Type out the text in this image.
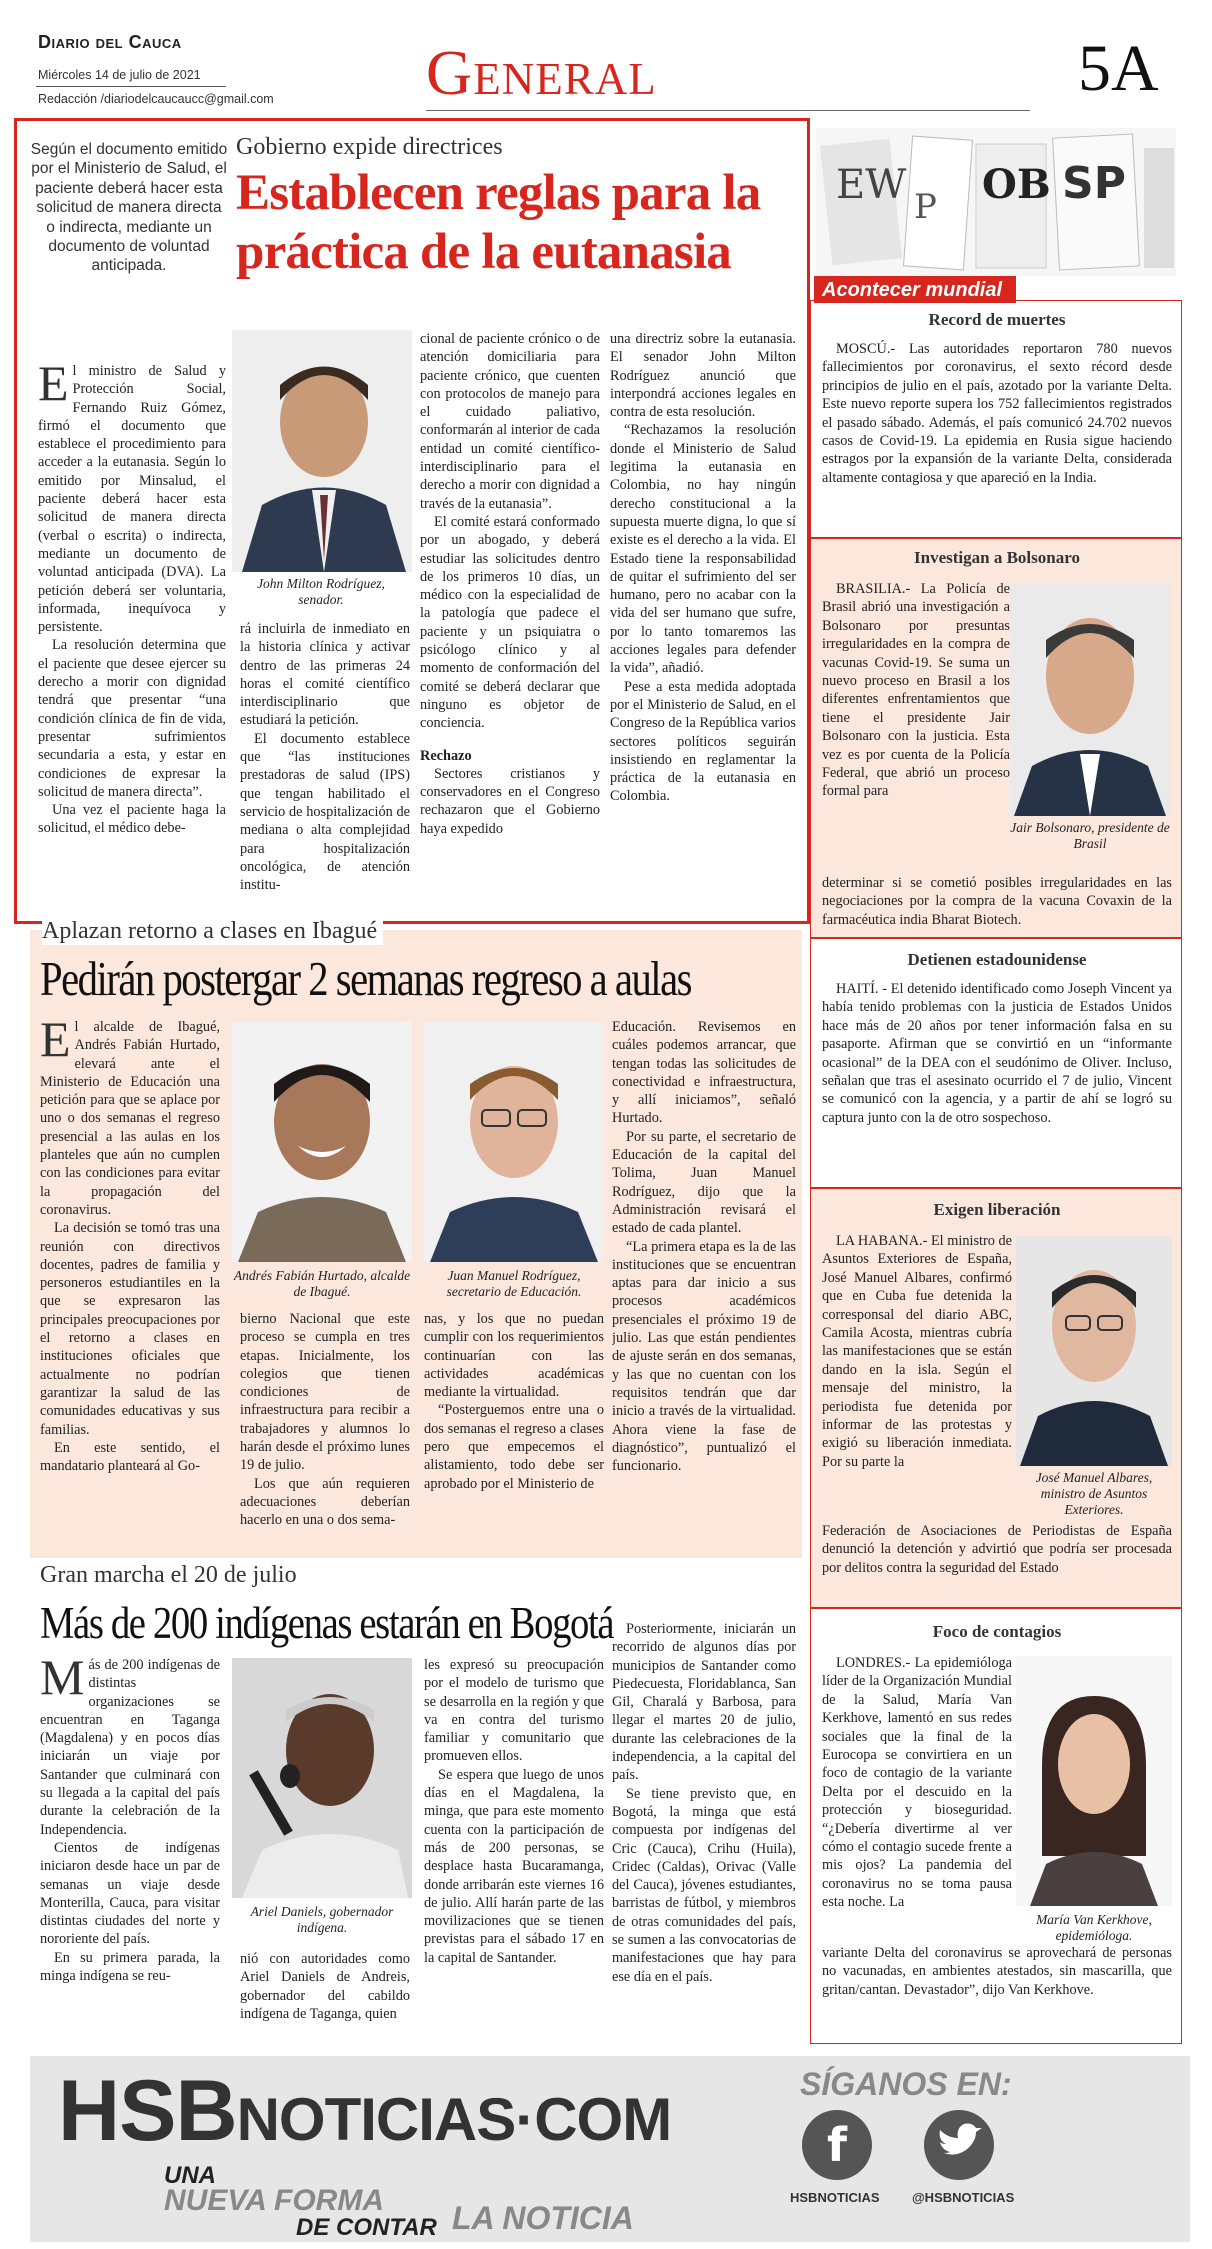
Diario del Cauca
Miércoles 14 de julio de 2021
Redacción /diariodelcaucaucc@gmail.com General	5A
Según el documento emitido por el Ministerio de Salud, el paciente deberá hacer esta solicitud de manera directa o indirecta, mediante un documento de voluntad anticipada.
Gobierno expide directrices
Establecen reglas para la práctica de la eutanasia
E l ministro de Salud y Protección Social, Fernando Ruiz Gómez, firmó el documento que establece el procedimiento para acceder a la eutanasia. Según lo emitido por Minsalud, el paciente deberá hacer esta solicitud de manera directa (verbal o escrita) o indirecta, mediante un documento de voluntad anticipada (DVA). La petición deberá ser voluntaria, informada, inequívoca y persistente.

La resolución determina que el paciente que desee ejercer su derecho a morir con dignidad tendrá que presentar “una condición clínica de fin de vida, presentar sufrimientos secundaria a esta, y estar en condiciones de expresar la solicitud de manera directa”.

Una vez el paciente haga la solicitud, el médico debe-

John Milton Rodríguez, senador.

rá incluirla de inmediato en la historia clínica y activar dentro de las primeras 24 horas el comité científico interdisciplinario que estudiará la petición.

El documento establece que “las instituciones prestadoras de salud (IPS) que tengan habilitado el servicio de hospitalización de mediana o alta complejidad para hospitalización oncológica, de atención institu-

cional de paciente crónico o de atención domiciliaria para paciente crónico, que cuenten con protocolos de manejo para el cuidado paliativo, conformarán al interior de cada entidad un comité científico- interdisciplinario para el derecho a morir con dignidad a través de la eutanasia”.

El comité estará conformado por un abogado, y deberá estudiar las solicitudes dentro de los primeros 10 días, un médico con la especialidad de la patología que padece el paciente y un psiquiatra o psicólogo clínico y al momento de conformación del comité se deberá declarar que ninguno es objetor de conciencia.

Rechazo

Sectores cristianos y conservadores en el Congreso rechazaron que el Gobierno haya expedido

una directriz sobre la eutanasia. El senador John Milton Rodríguez anunció que interpondrá acciones legales en contra de esta resolución.

“Rechazamos la resolución donde el Ministerio de Salud legitima la eutanasia en Colombia, no hay ningún derecho constitucional a la supuesta muerte digna, lo que sí existe es el derecho a la vida. El Estado tiene la responsabilidad de quitar el sufrimiento del ser humano, pero no acabar con la vida del ser humano que sufre, por lo tanto tomaremos las acciones legales para defender la vida”, añadió.

Pese a esta medida adoptada por el Ministerio de Salud, en el Congreso de la República varios sectores políticos seguirán insistiendo en reglamentar la práctica de la eutanasia en Colombia.

Aplazan retorno a clases en Ibagué
Pedirán postergar 2 semanas regreso a aulas
E l alcalde de Ibagué, Andrés Fabián Hurtado, elevará ante el Ministerio de Educación una petición para que se aplace por uno o dos semanas el regreso presencial a las aulas en los planteles que aún no cumplen con las condiciones para evitar la propagación del coronavirus.

La decisión se tomó tras una reunión con directivos docentes, padres de familia y personeros estudiantiles en la que se expresaron las principales preocupaciones por el retorno a clases en instituciones oficiales que actualmente no podrían garantizar la salud de las comunidades educativas y sus familias.

En este sentido, el mandatario planteará al Go-

Andrés Fabián Hurtado, alcalde de Ibagué.
Juan Manuel Rodríguez, secretario de Educación.

bierno Nacional que este proceso se cumpla en tres etapas. Inicialmente, los colegios que tienen condiciones de infraestructura para recibir a trabajadores y alumnos lo harán desde el próximo lunes 19 de julio.

Los que aún requieren adecuaciones deberían hacerlo en una o dos sema-

nas, y los que no puedan cumplir con los requerimientos continuarían con las actividades académicas mediante la virtualidad.

“Posterguemos entre una o dos semanas el regreso a clases pero que empecemos el alistamiento, todo debe ser aprobado por el Ministerio de

Educación. Revisemos en cuáles podemos arrancar, que tengan todas las solicitudes de conectividad e infraestructura, y allí iniciamos”, señaló Hurtado.

Por su parte, el secretario de Educación de la capital del Tolima, Juan Manuel Rodríguez, dijo que la Administración revisará el estado de cada plantel.

“La primera etapa es la de las instituciones que se encuentran aptas para dar inicio a sus procesos académicos presenciales el próximo 19 de julio. Las que están pendientes de ajuste serán en dos semanas, y las que no cuentan con los requisitos tendrán que dar inicio a través de la virtualidad. Ahora viene la fase de diagnóstico”, puntualizó el funcionario.

Gran marcha el 20 de julio
Más de 200 indígenas estarán en Bogotá
M ás de 200 indígenas de distintas organizaciones se encuentran en Taganga (Magdalena) y en pocos días iniciarán un viaje por Santander que culminará con su llegada a la capital del país durante la celebración de la Independencia.

Cientos de indígenas iniciaron desde hace un par de semanas un viaje desde Monterilla, Cauca, para visitar distintas ciudades del norte y nororiente del país.

En su primera parada, la minga indígena se reu-

Ariel Daniels, gobernador indígena.

nió con autoridades como Ariel Daniels de Andreis, gobernador del cabildo indígena de Taganga, quien

les expresó su preocupación por el modelo de turismo que se desarrolla en la región y que va en contra del turismo familiar y comunitario que promueven ellos.

Se espera que luego de unos días en el Magdalena, la minga, que para este momento cuenta con la participación de más de 200 personas, se desplace hasta Bucaramanga, donde arribarán este viernes 16 de julio. Allí harán parte de las movilizaciones que se tienen previstas para el sábado 17 en la capital de Santander.

Posteriormente, iniciarán un recorrido de algunos días por municipios de Santander como Piedecuesta, Floridablanca, San Gil, Charalá y Barbosa, para llegar el martes 20 de julio, durante las celebraciones de la independencia, a la capital del país.

Se tiene previsto que, en Bogotá, la minga que está compuesta por indígenas del Cric (Cauca), Crihu (Huila), Cridec (Caldas), Orivac (Valle del Cauca), jóvenes estudiantes, barristas de fútbol, y miembros de otras comunidades del país, se sumen a las convocatorias de manifestaciones que hay para ese día en el país.

EW P OB SP
Acontecer mundial
Record de muertes

MOSCÚ.- Las autoridades reportaron 780 nuevos fallecimientos por coronavirus, el sexto récord desde principios de julio en el país, azotado por la variante Delta. Este nuevo reporte supera los 752 fallecimientos registrados el pasado sábado. Además, el país comunicó 24.702 nuevos casos de Covid-19. La epidemia en Rusia sigue haciendo estragos por la expansión de la variante Delta, considerada altamente contagiosa y que apareció en la India.

Investigan a Bolsonaro

BRASILIA.- La Policía de Brasil abrió una investigación a Bolsonaro por presuntas irregularidades en la compra de vacunas Covid-19. Se suma un nuevo proceso en Brasil a los diferentes enfrentamientos que tiene el presidente Jair Bolsonaro con la justicia. Esta vez es por cuenta de la Policía Federal, que abrió un proceso formal para

Jair Bolsonaro, presidente de Brasil

determinar si se cometió posibles irregularidades en las negociaciones por la compra de la vacuna Covaxin de la farmacéutica india Bharat Biotech.

Detienen estadounidense

HAITÍ. - El detenido identificado como Joseph Vincent ya había tenido problemas con la justicia de Estados Unidos hace más de 20 años por tener información falsa en su pasaporte. Afirman que se convirtió en un “informante ocasional” de la DEA con el seudónimo de Oliver. Incluso, señalan que tras el asesinato ocurrido el 7 de julio, Vincent se comunicó con la agencia, y a partir de ahí se logró su captura junto con la de otro sospechoso.

Exigen liberación

LA HABANA.- El ministro de Asuntos Exteriores de España, José Manuel Albares, confirmó que en Cuba fue detenida la corresponsal del diario ABC, Camila Acosta, mientras cubría las manifestaciones que se están dando en la isla. Según el mensaje del ministro, la periodista fue detenida por informar de las protestas y exigió su liberación inmediata. Por su parte la

José Manuel Albares, ministro de Asuntos Exteriores.

Federación de Asociaciones de Periodistas de España denunció la detención y advirtió que podría ser procesada por delitos contra la seguridad del Estado

Foco de contagios

LONDRES.- La epidemióloga líder de la Organización Mundial de la Salud, María Van Kerkhove, lamentó en sus redes sociales que la final de la Eurocopa se convirtiera en un foco de contagio de la variante Delta por el descuido en la protección y bioseguridad. “¿Debería divertirme al ver cómo el contagio sucede frente a mis ojos? La pandemia del coronavirus no se toma pausa esta noche. La

María Van Kerkhove, epidemióloga.

variante Delta del coronavirus se aprovechará de personas no vacunadas, en ambientes atestados, sin mascarilla, que gritan/cantan. Devastador”, dijo Van Kerkhove.

HSBNOTICIAS·COM
UNA
NUEVA FORMA
DE CONTAR LA NOTICIA
SÍGANOS EN:
f
HSBNOTICIAS @HSBNOTICIAS
